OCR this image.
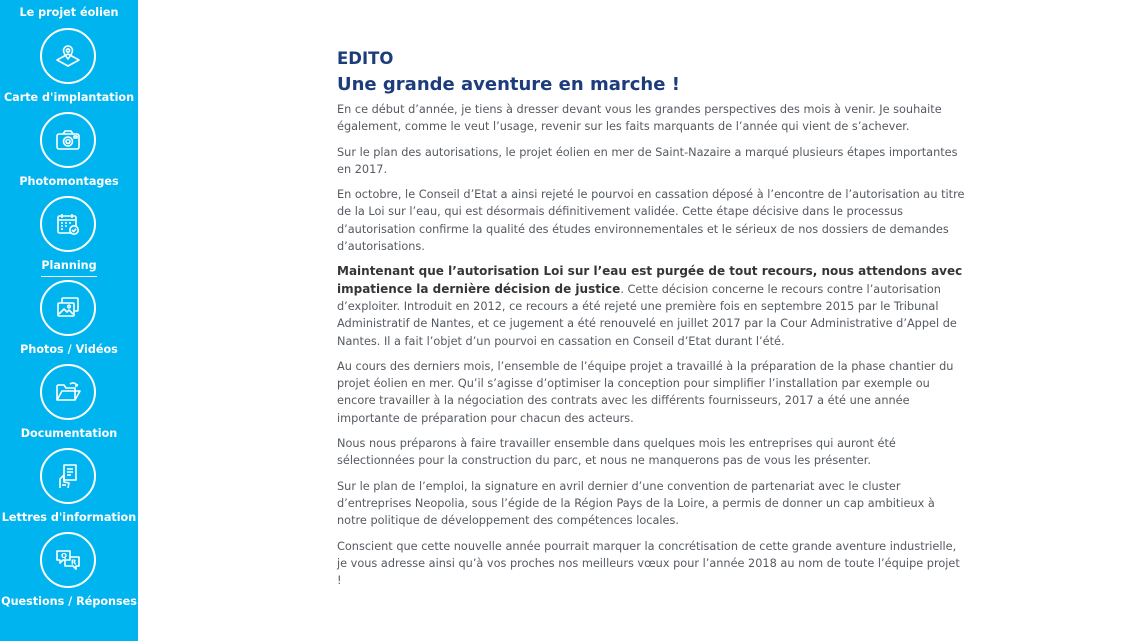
Le projet éolien
Carte d'implantation
Photomontages
Planning
Photos / Vidéos
Documentation
Lettres d'information
Q
R
Questions / Réponses
EDITO
Une grande aventure en marche !

En ce début d’année, je tiens à dresser devant vous les grandes perspectives des mois à venir. Je souhaite également, comme le veut l’usage, revenir sur les faits marquants de l’année qui vient de s’achever.

Sur le plan des autorisations, le projet éolien en mer de Saint-Nazaire a marqué plusieurs étapes importantes en 2017.

En octobre, le Conseil d’Etat a ainsi rejeté le pourvoi en cassation déposé à l’encontre de l’autorisation au titre de la Loi sur l’eau, qui est désormais définitivement validée. Cette étape décisive dans le processus d’autorisation confirme la qualité des études environnementales et le sérieux de nos dossiers de demandes d’autorisations.

Maintenant que l’autorisation Loi sur l’eau est purgée de tout recours, nous attendons avec impatience la dernière décision de justice. Cette décision concerne le recours contre l’autorisation d’exploiter. Introduit en 2012, ce recours a été rejeté une première fois en septembre 2015 par le Tribunal Administratif de Nantes, et ce jugement a été renouvelé en juillet 2017 par la Cour Administrative d’Appel de Nantes. Il a fait l’objet d’un pourvoi en cassation en Conseil d’Etat durant l’été.

Au cours des derniers mois, l’ensemble de l’équipe projet a travaillé à la préparation de la phase chantier du projet éolien en mer. Qu’il s’agisse d’optimiser la conception pour simplifier l’installation par exemple ou encore travailler à la négociation des contrats avec les différents fournisseurs, 2017 a été une année importante de préparation pour chacun des acteurs.

Nous nous préparons à faire travailler ensemble dans quelques mois les entreprises qui auront été sélectionnées pour la construction du parc, et nous ne manquerons pas de vous les présenter.

Sur le plan de l’emploi, la signature en avril dernier d’une convention de partenariat avec le cluster d’entreprises Neopolia, sous l’égide de la Région Pays de la Loire, a permis de donner un cap ambitieux à notre politique de développement des compétences locales.

Conscient que cette nouvelle année pourrait marquer la concrétisation de cette grande aventure industrielle, je vous adresse ainsi qu’à vos proches nos meilleurs vœux pour l’année 2018 au nom de toute l’équipe projet !
